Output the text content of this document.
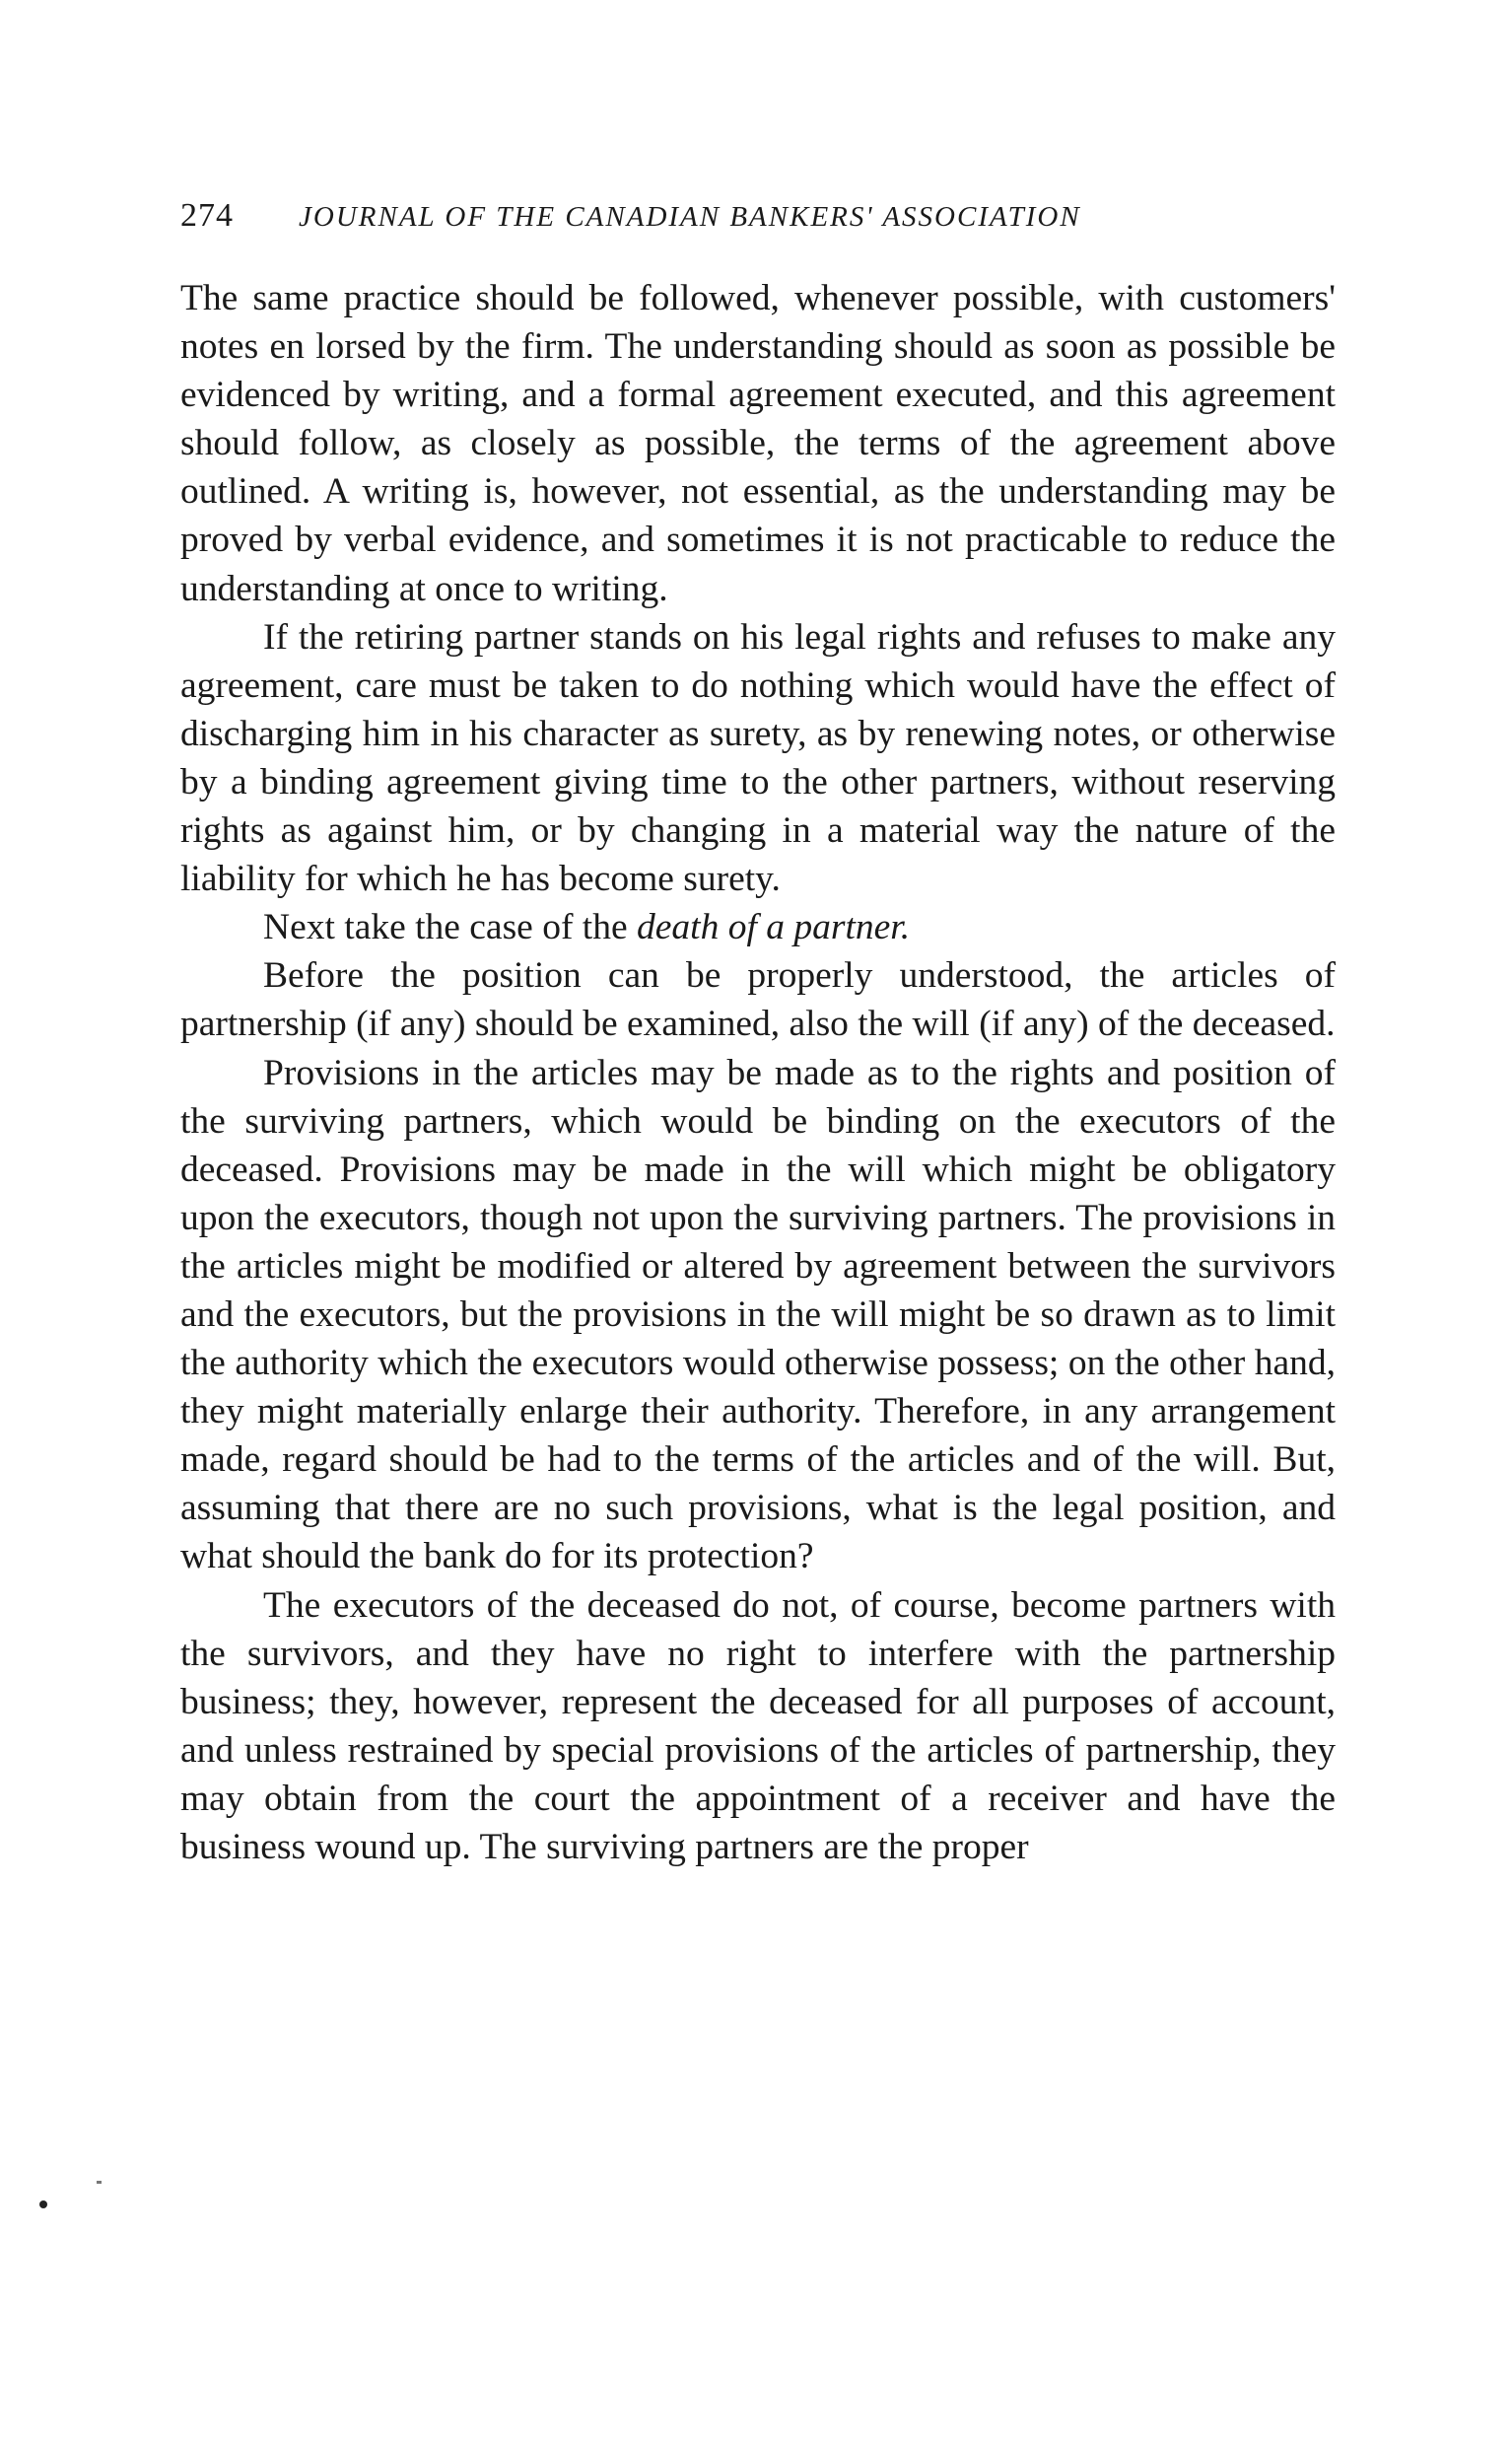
274	JOURNAL OF THE CANADIAN BANKERS' ASSOCIATION

The same practice should be followed, whenever possible, with customers' notes en lorsed by the firm. The understanding should as soon as possible be evidenced by writing, and a formal agreement executed, and this agreement should follow, as closely as possible, the terms of the agreement above outlined. A writing is, however, not essential, as the understanding may be proved by verbal evidence, and sometimes it is not practicable to reduce the understanding at once to writing.

If the retiring partner stands on his legal rights and refuses to make any agreement, care must be taken to do nothing which would have the effect of discharging him in his character as surety, as by renewing notes, or otherwise by a binding agreement giving time to the other partners, without reserving rights as against him, or by changing in a material way the nature of the liability for which he has become surety.

Next take the case of the death of a partner.

Before the position can be properly understood, the articles of partnership (if any) should be examined, also the will (if any) of the deceased.

Provisions in the articles may be made as to the rights and position of the surviving partners, which would be binding on the executors of the deceased. Provisions may be made in the will which might be obligatory upon the executors, though not upon the surviving partners. The provisions in the articles might be modified or altered by agreement between the survivors and the executors, but the provisions in the will might be so drawn as to limit the authority which the executors would otherwise possess; on the other hand, they might materially enlarge their authority. Therefore, in any arrangement made, regard should be had to the terms of the articles and of the will. But, assuming that there are no such provisions, what is the legal position, and what should the bank do for its protection?

The executors of the deceased do not, of course, become partners with the survivors, and they have no right to interfere with the partnership business; they, however, represent the deceased for all purposes of account, and unless restrained by special provisions of the articles of partnership, they may obtain from the court the appointment of a receiver and have the business wound up. The surviving partners are the proper
